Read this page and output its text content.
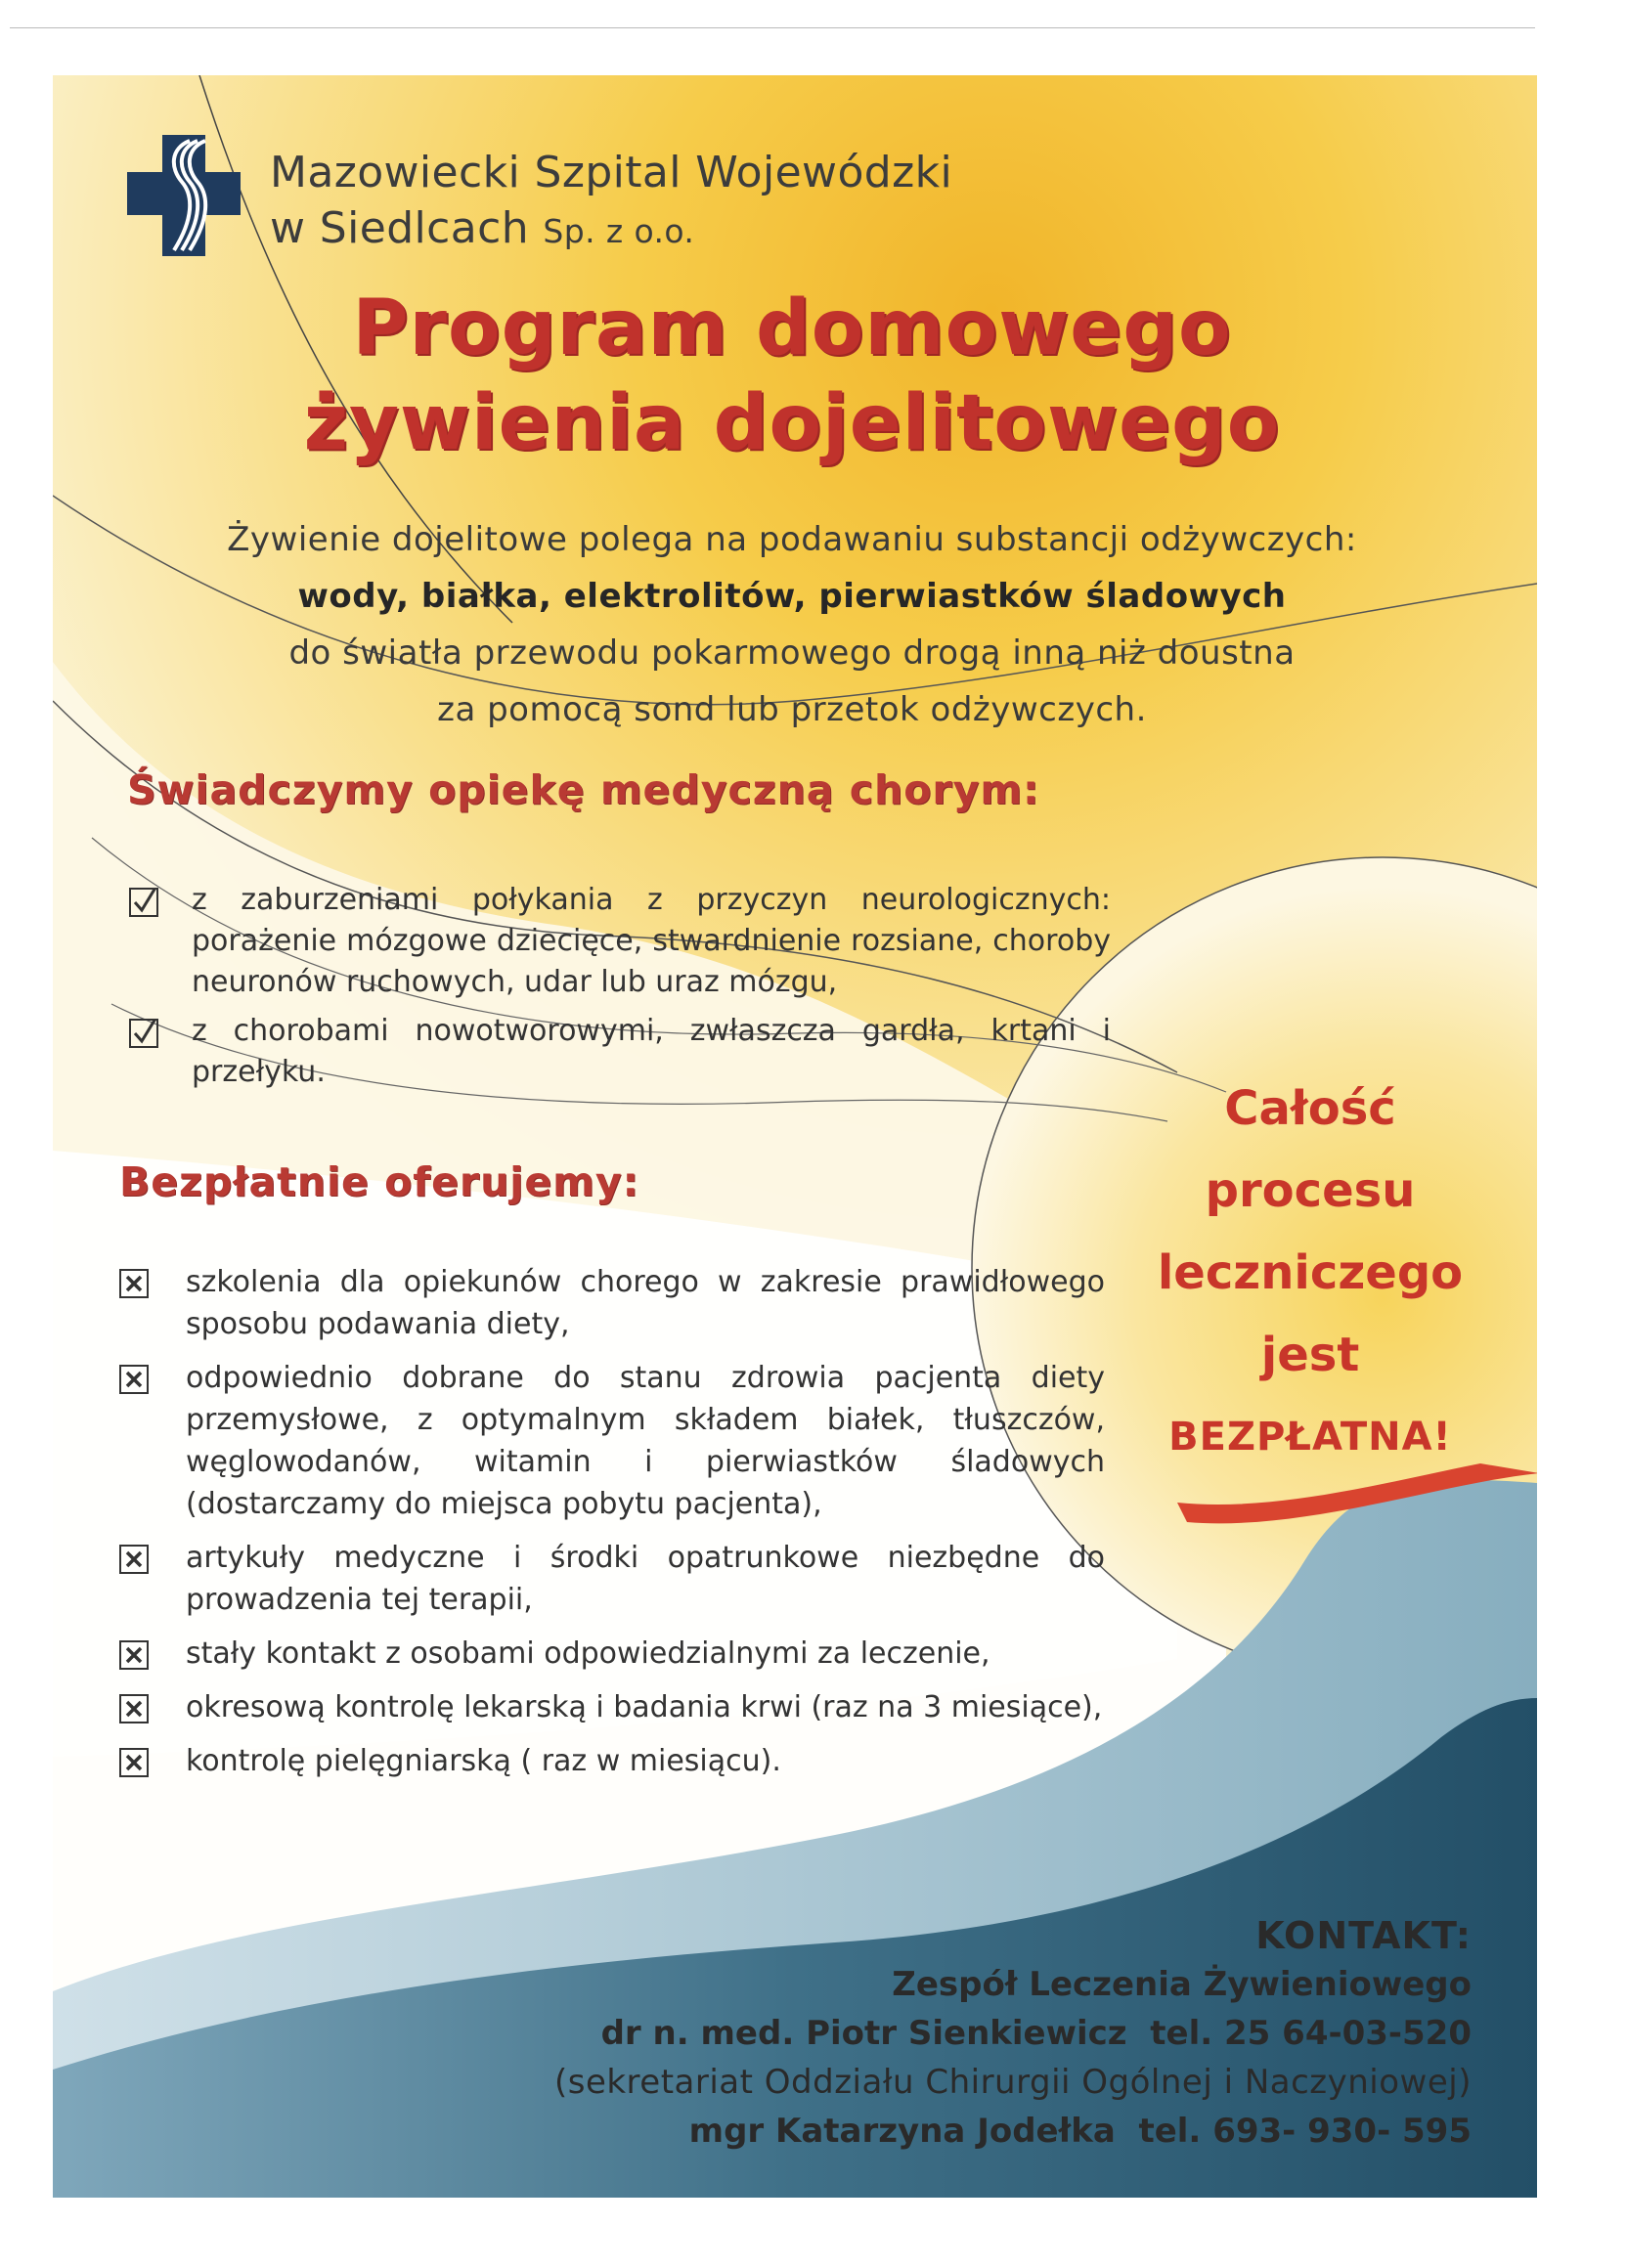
Mazowiecki Szpital Wojewódzki
w Siedlcach Sp. z o.o.
Program domowego
żywienia dojelitowego
Żywienie dojelitowe polega na podawaniu substancji odżywczych:
wody, białka, elektrolitów, pierwiastków śladowych
do światła przewodu pokarmowego drogą inną niż doustna
za pomocą sond lub przetok odżywczych.
Świadczymy opiekę medyczną chorym:
z zaburzeniami połykania z przyczyn neurologicznych: porażenie mózgowe dziecięce, stwardnienie rozsiane, choroby neuronów ruchowych, udar lub uraz mózgu,
z chorobami nowotworowymi, zwłaszcza gardła, krtani i przełyku.
Bezpłatnie oferujemy:
szkolenia dla opiekunów chorego w zakresie prawidłowego sposobu podawania diety,
odpowiednio dobrane do stanu zdrowia pacjenta diety przemysłowe, z optymalnym składem białek, tłuszczów, węglowodanów, witamin i pierwiastków śladowych (dostarczamy do miejsca pobytu pacjenta),
artykuły medyczne i środki opatrunkowe niezbędne do prowadzenia tej terapii,
stały kontakt z osobami odpowiedzialnymi za leczenie,
okresową kontrolę lekarską i badania krwi (raz na 3 miesiące),
kontrolę pielęgniarską ( raz w miesiącu).
Całość
procesu
leczniczego
jest
BEZPŁATNA!
KONTAKT:
Zespół Leczenia Żywieniowego
dr n. med. Piotr Sienkiewicz tel. 25 64-03-520
(sekretariat Oddziału Chirurgii Ogólnej i Naczyniowej)
mgr Katarzyna Jodełka tel. 693- 930- 595
